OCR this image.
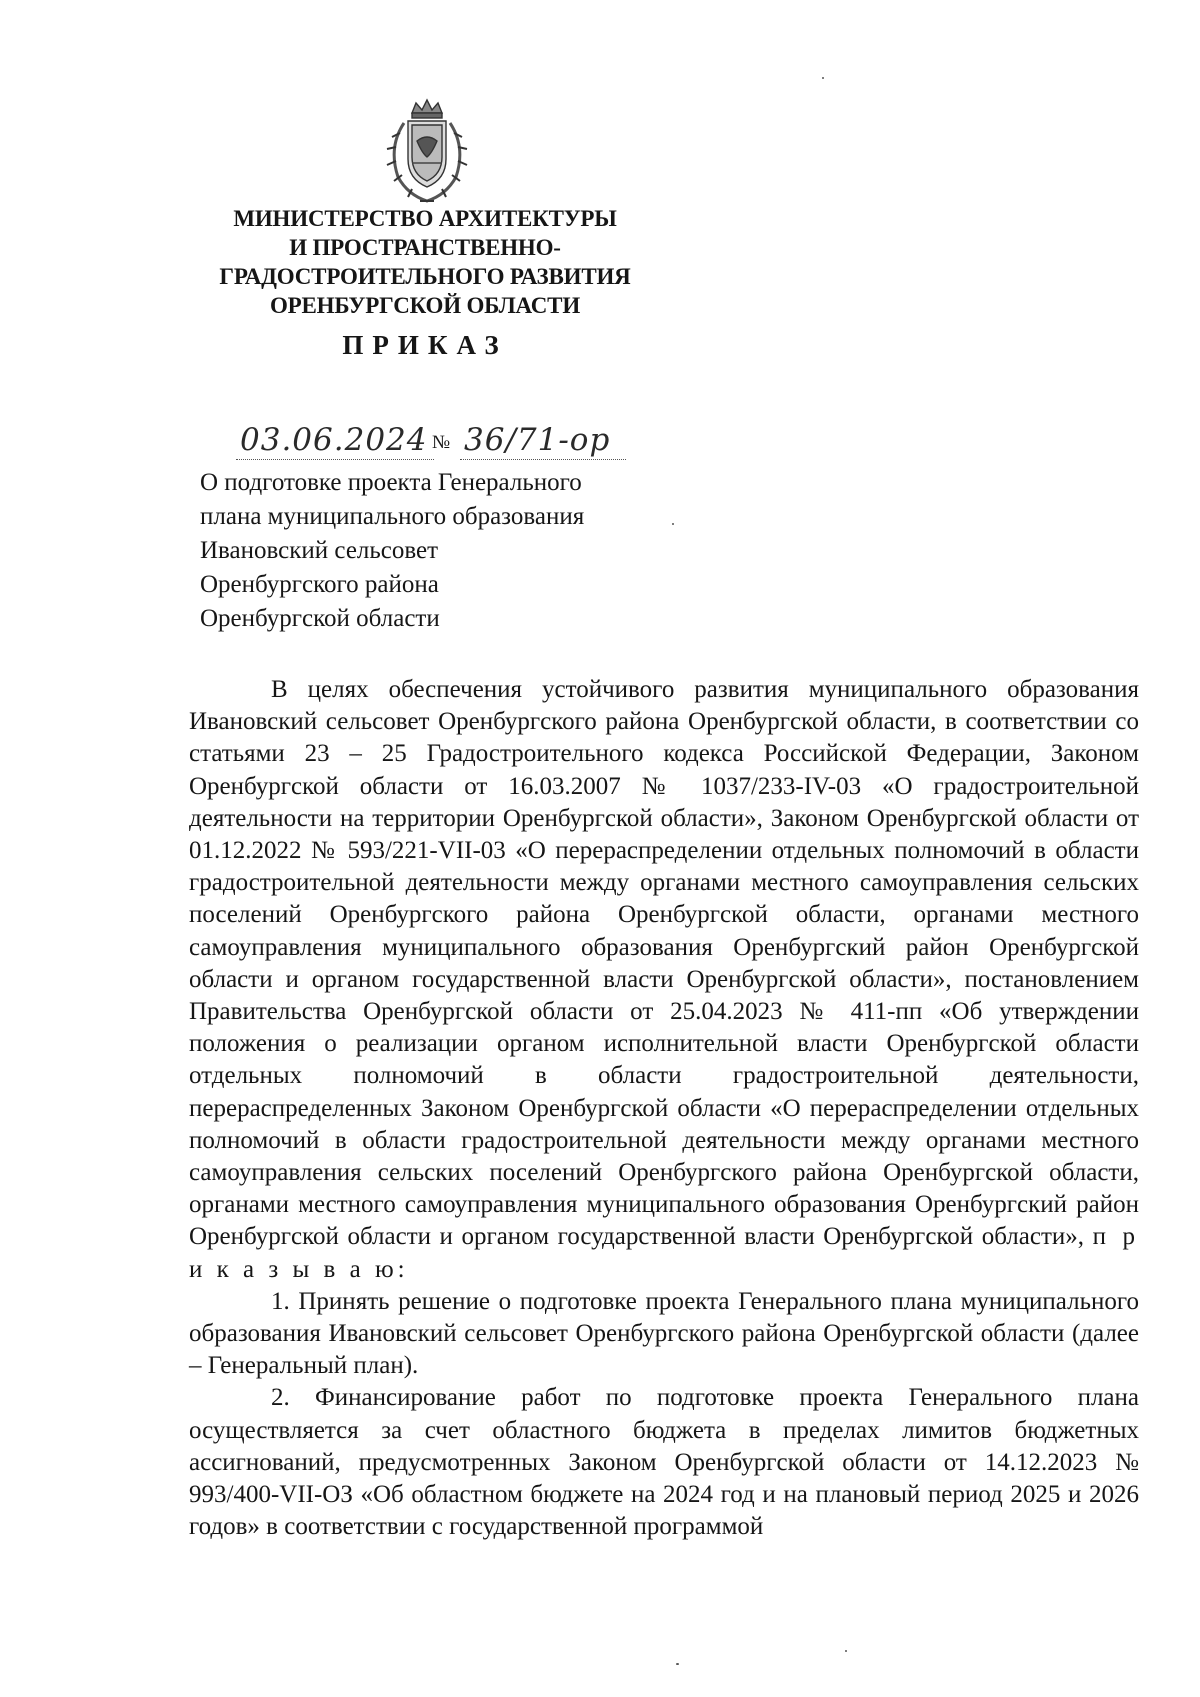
МИНИСТЕРСТВО АРХИТЕКТУРЫ
И ПРОСТРАНСТВЕННО-
ГРАДОСТРОИТЕЛЬНОГО РАЗВИТИЯ
ОРЕНБУРГСКОЙ ОБЛАСТИ
ПРИКАЗ
03.06.2024 № 36/71-ор
О подготовке проекта Генерального
плана муниципального образования
Ивановский сельсовет
Оренбургского района
Оренбургской области

В целях обеспечения устойчивого развития муниципального образования Ивановский сельсовет Оренбургского района Оренбургской области, в соответствии со статьями 23 – 25 Градостроительного кодекса Российской Федерации, Законом Оренбургской области от 16.03.2007 № 1037/233-IV-03 «О градостроительной деятельности на территории Оренбургской области», Законом Оренбургской области от 01.12.2022 № 593/221-VII-03 «О перераспределении отдельных полномочий в области градостроительной деятельности между органами местного самоуправления сельских поселений Оренбургского района Оренбургской области, органами местного самоуправления муниципального образования Оренбургский район Оренбургской области и органом государственной власти Оренбургской области», постановлением Правительства Оренбургской области от 25.04.2023 № 411-пп «Об утверждении положения о реализации органом исполнительной власти Оренбургской области отдельных полномочий в области градостроительной деятельности, перераспределенных Законом Оренбургской области «О перераспределении отдельных полномочий в области градостроительной деятельности между органами местного самоуправления сельских поселений Оренбургского района Оренбургской области, органами местного самоуправления муниципального образования Оренбургский район Оренбургской области и органом государственной власти Оренбургской области», п р и к а з ы в а ю:

1. Принять решение о подготовке проекта Генерального плана муниципального образования Ивановский сельсовет Оренбургского района Оренбургской области (далее – Генеральный план).

2. Финансирование работ по подготовке проекта Генерального плана осуществляется за счет областного бюджета в пределах лимитов бюджетных ассигнований, предусмотренных Законом Оренбургской области от 14.12.2023 № 993/400-VII-ОЗ «Об областном бюджете на 2024 год и на плановый период 2025 и 2026 годов» в соответствии с государственной программой
